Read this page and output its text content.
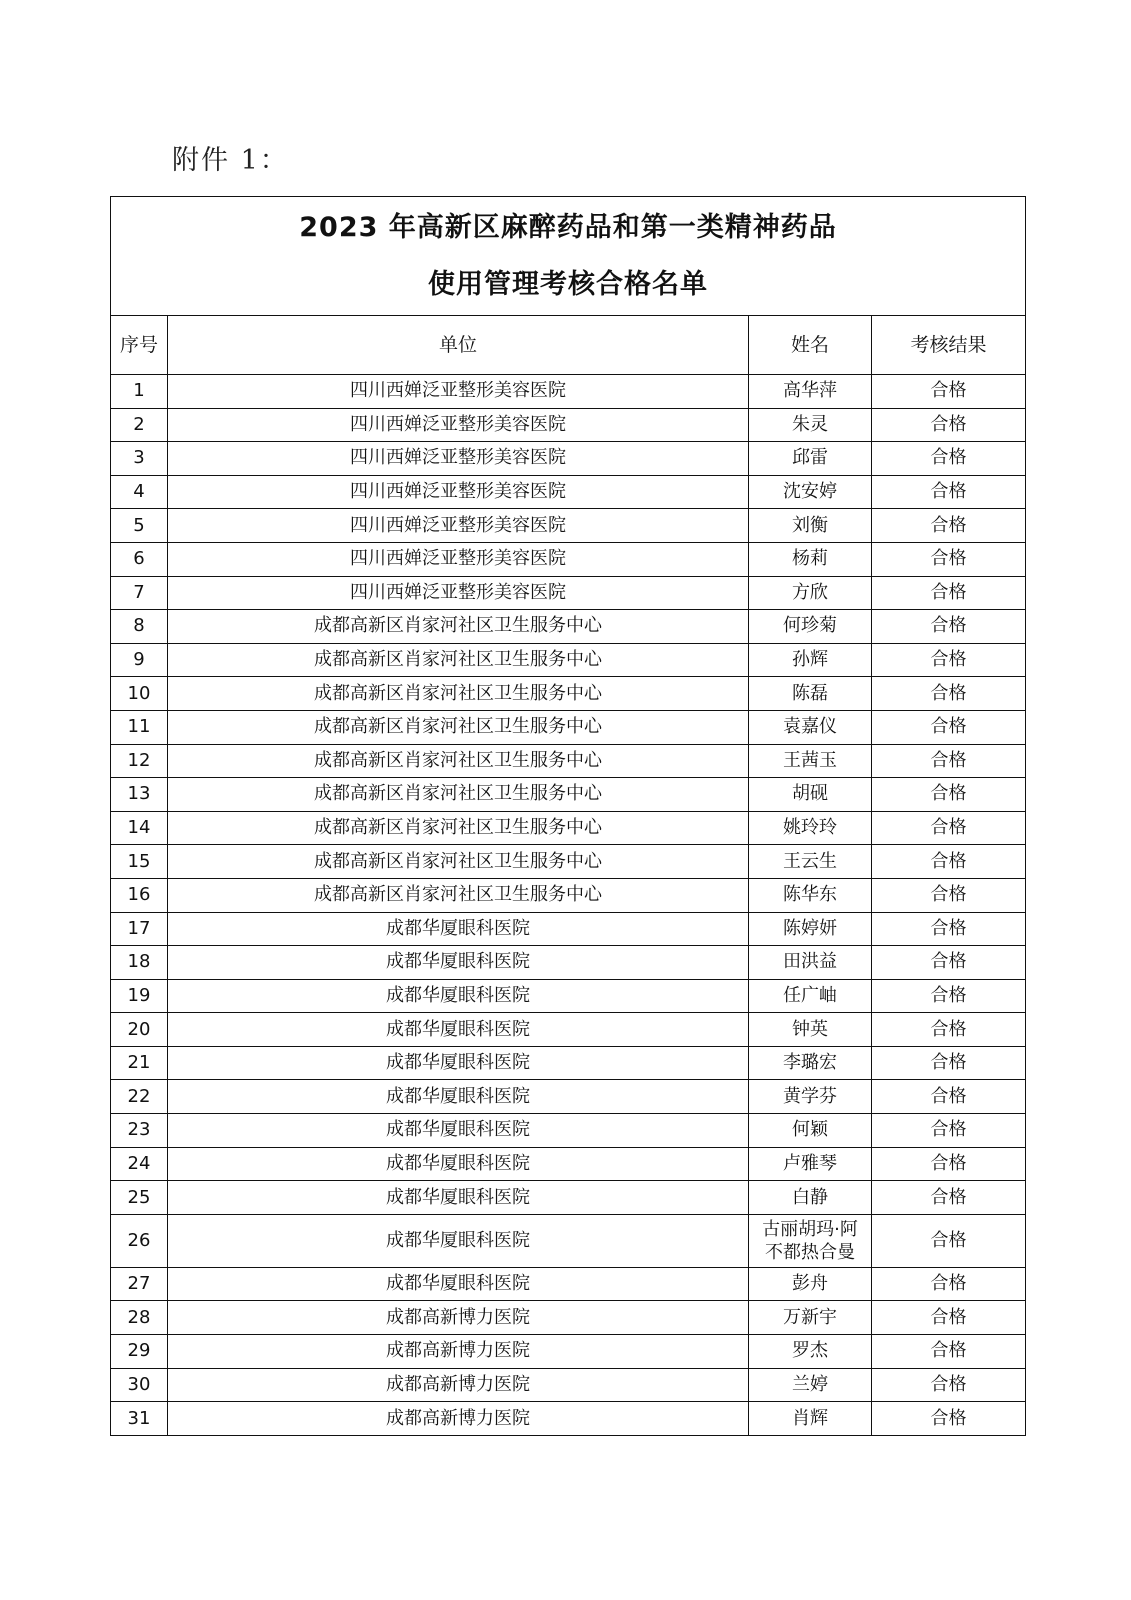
附件 1：
2023 年高新区麻醉药品和第一类精神药品
使用管理考核合格名单			

序号	单位	姓名	考核结果
1	四川西婵泛亚整形美容医院	高华萍	合格
2	四川西婵泛亚整形美容医院	朱灵	合格
3	四川西婵泛亚整形美容医院	邱雷	合格
4	四川西婵泛亚整形美容医院	沈安婷	合格
5	四川西婵泛亚整形美容医院	刘衡	合格
6	四川西婵泛亚整形美容医院	杨莉	合格
7	四川西婵泛亚整形美容医院	方欣	合格
8	成都高新区肖家河社区卫生服务中心	何珍菊	合格
9	成都高新区肖家河社区卫生服务中心	孙辉	合格
10	成都高新区肖家河社区卫生服务中心	陈磊	合格
11	成都高新区肖家河社区卫生服务中心	袁嘉仪	合格
12	成都高新区肖家河社区卫生服务中心	王茜玉	合格
13	成都高新区肖家河社区卫生服务中心	胡砚	合格
14	成都高新区肖家河社区卫生服务中心	姚玲玲	合格
15	成都高新区肖家河社区卫生服务中心	王云生	合格
16	成都高新区肖家河社区卫生服务中心	陈华东	合格
17	成都华厦眼科医院	陈婷妍	合格
18	成都华厦眼科医院	田洪益	合格
19	成都华厦眼科医院	任广岫	合格
20	成都华厦眼科医院	钟英	合格
21	成都华厦眼科医院	李璐宏	合格
22	成都华厦眼科医院	黄学芬	合格
23	成都华厦眼科医院	何颖	合格
24	成都华厦眼科医院	卢雅琴	合格
25	成都华厦眼科医院	白静	合格
26	成都华厦眼科医院	古丽胡玛·阿不都热合曼	合格
27	成都华厦眼科医院	彭舟	合格
28	成都高新博力医院	万新宇	合格
29	成都高新博力医院	罗杰	合格
30	成都高新博力医院	兰婷	合格
31	成都高新博力医院	肖辉	合格
